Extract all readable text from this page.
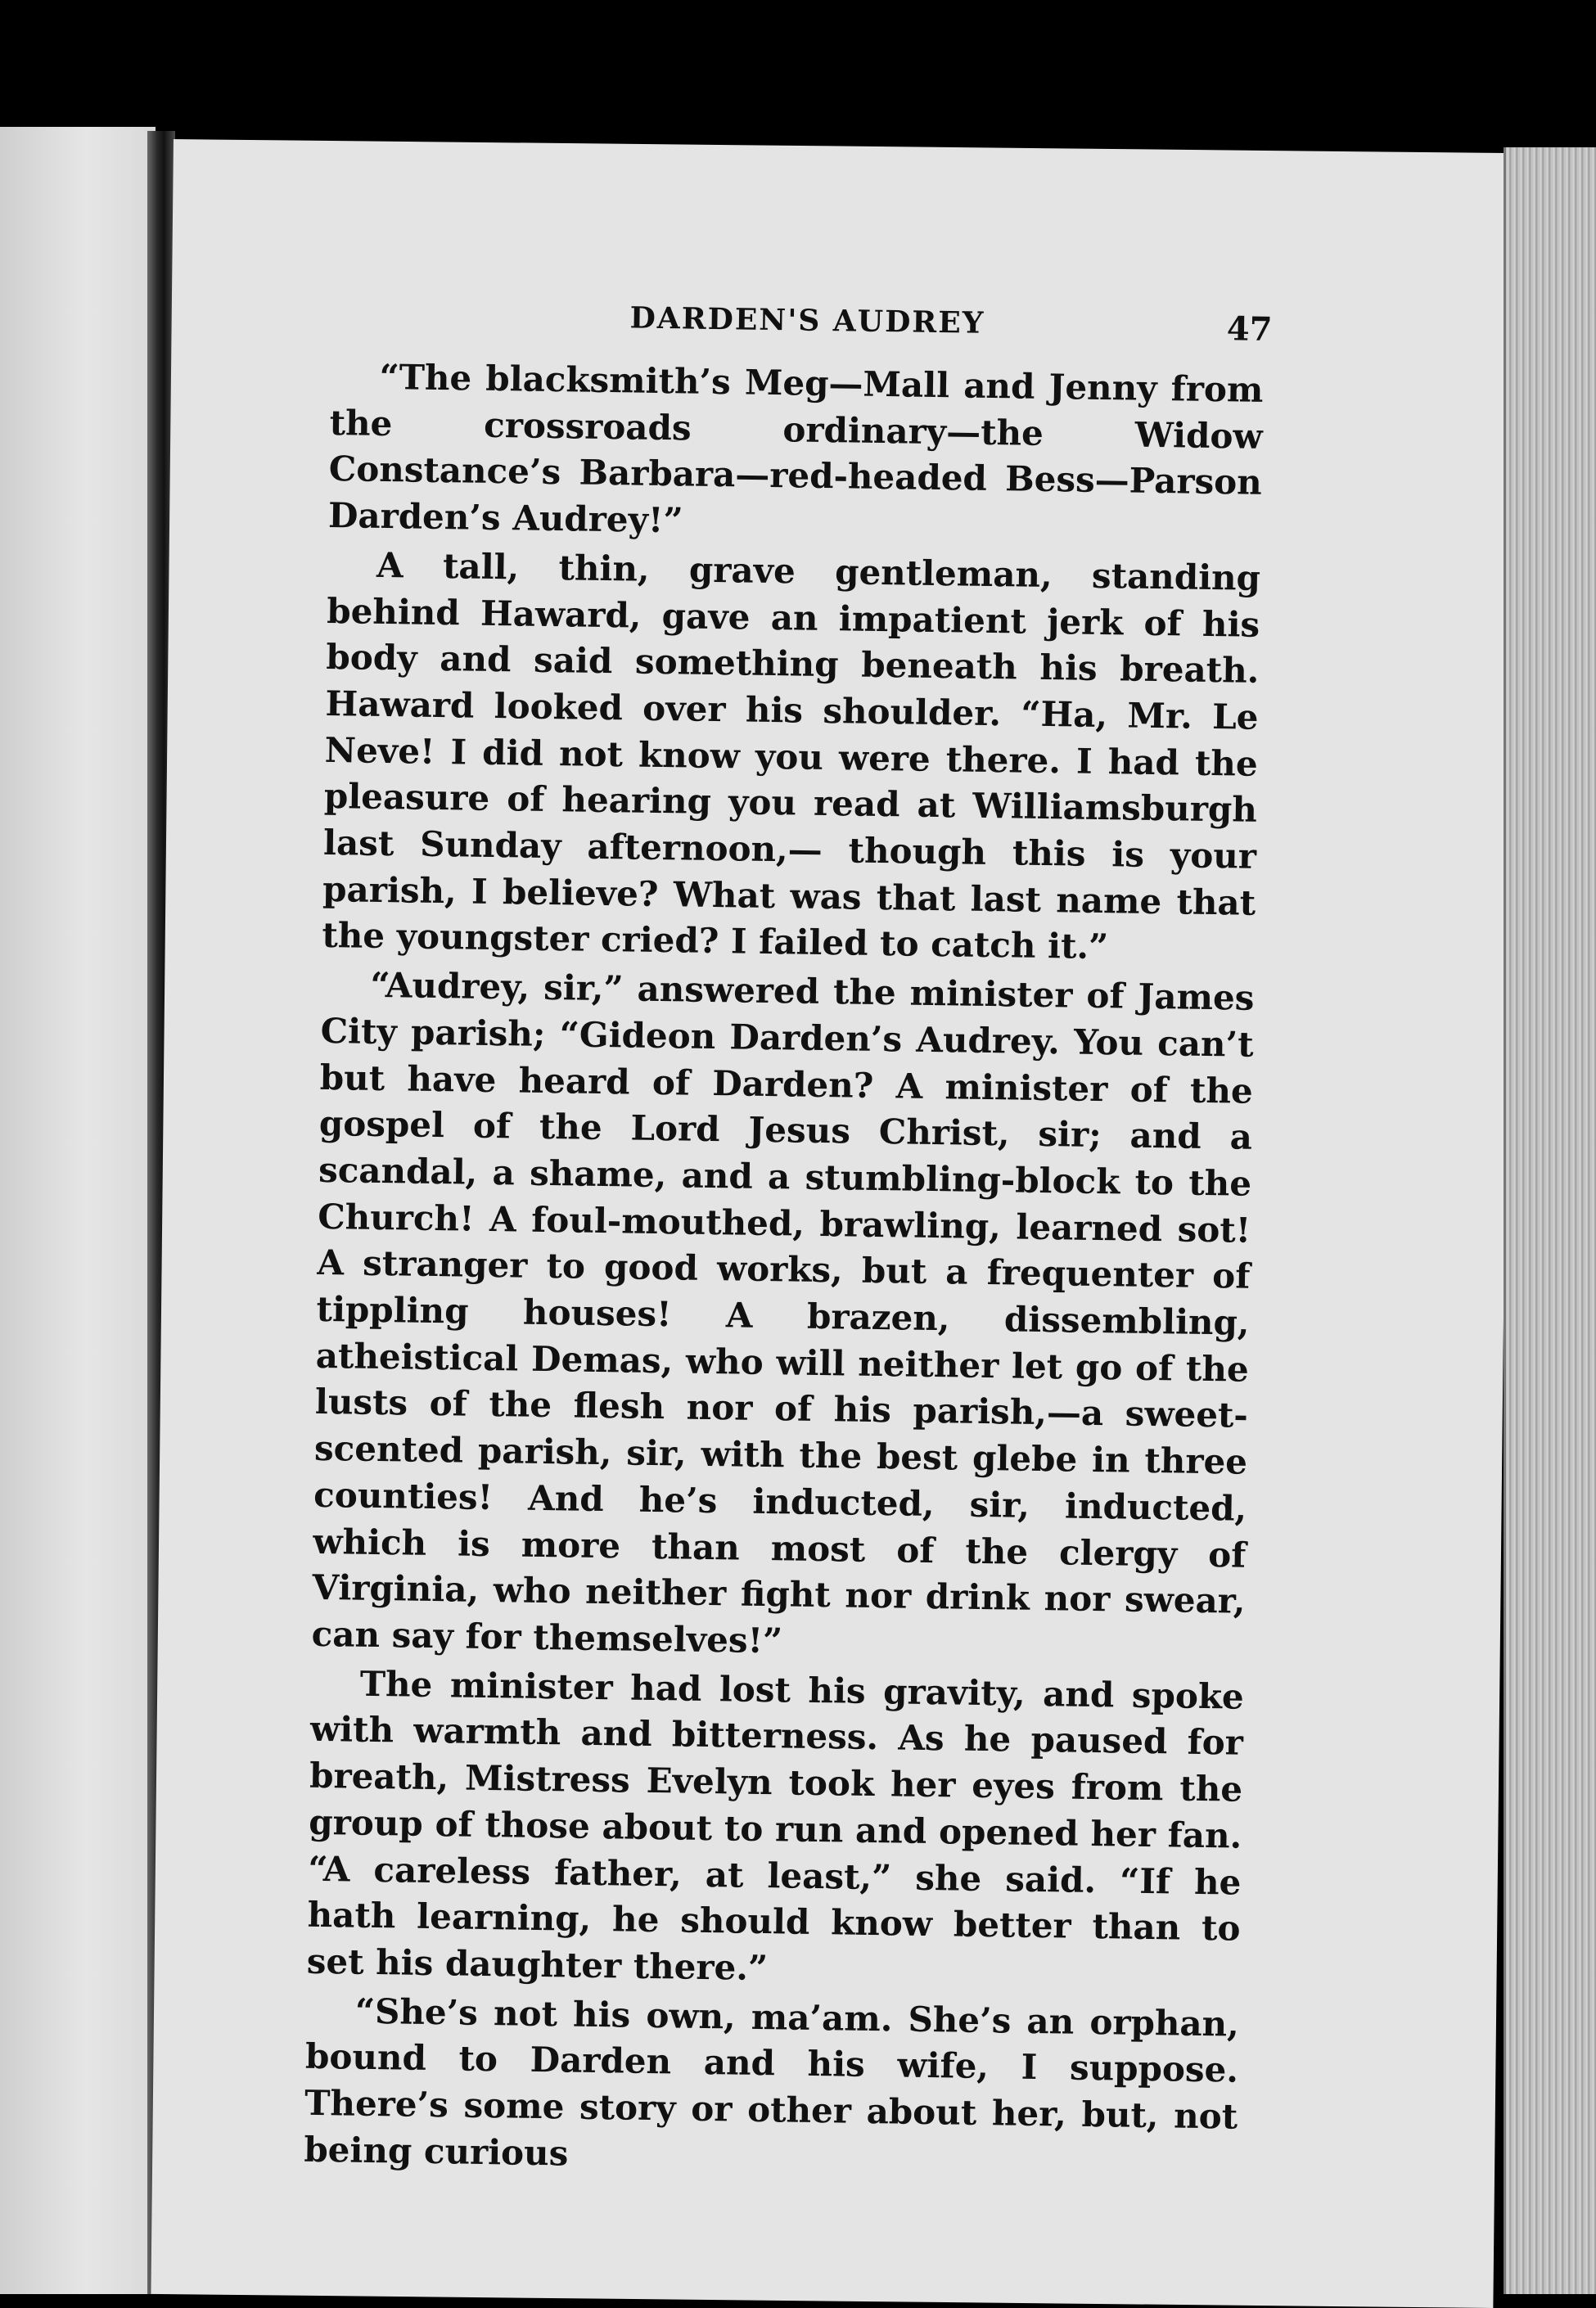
DARDEN'S AUDREY	47

“The blacksmith’s Meg—Mall and Jenny from the crossroads ordinary—the Widow Constance’s Barbara—red-headed Bess—Parson Darden’s Audrey!”

A tall, thin, grave gentleman, standing behind Haward, gave an impatient jerk of his body and said something beneath his breath. Haward looked over his shoulder. “Ha, Mr. Le Neve! I did not know you were there. I had the pleasure of hearing you read at Williamsburgh last Sunday afternoon,— though this is your parish, I believe? What was that last name that the youngster cried? I failed to catch it.”

“Audrey, sir,” answered the minister of James City parish; “Gideon Darden’s Audrey. You can’t but have heard of Darden? A minister of the gospel of the Lord Jesus Christ, sir; and a scandal, a shame, and a stumbling-block to the Church! A foul-mouthed, brawling, learned sot! A stranger to good works, but a frequenter of tippling houses! A brazen, dissembling, atheistical Demas, who will neither let go of the lusts of the flesh nor of his parish,—a sweet-scented parish, sir, with the best glebe in three counties! And he’s inducted, sir, inducted, which is more than most of the clergy of Virginia, who neither fight nor drink nor swear, can say for themselves!”

The minister had lost his gravity, and spoke with warmth and bitterness. As he paused for breath, Mistress Evelyn took her eyes from the group of those about to run and opened her fan. “A careless father, at least,” she said. “If he hath learning, he should know better than to set his daughter there.”

“She’s not his own, ma’am. She’s an orphan, bound to Darden and his wife, I suppose. There’s some story or other about her, but, not being curious
